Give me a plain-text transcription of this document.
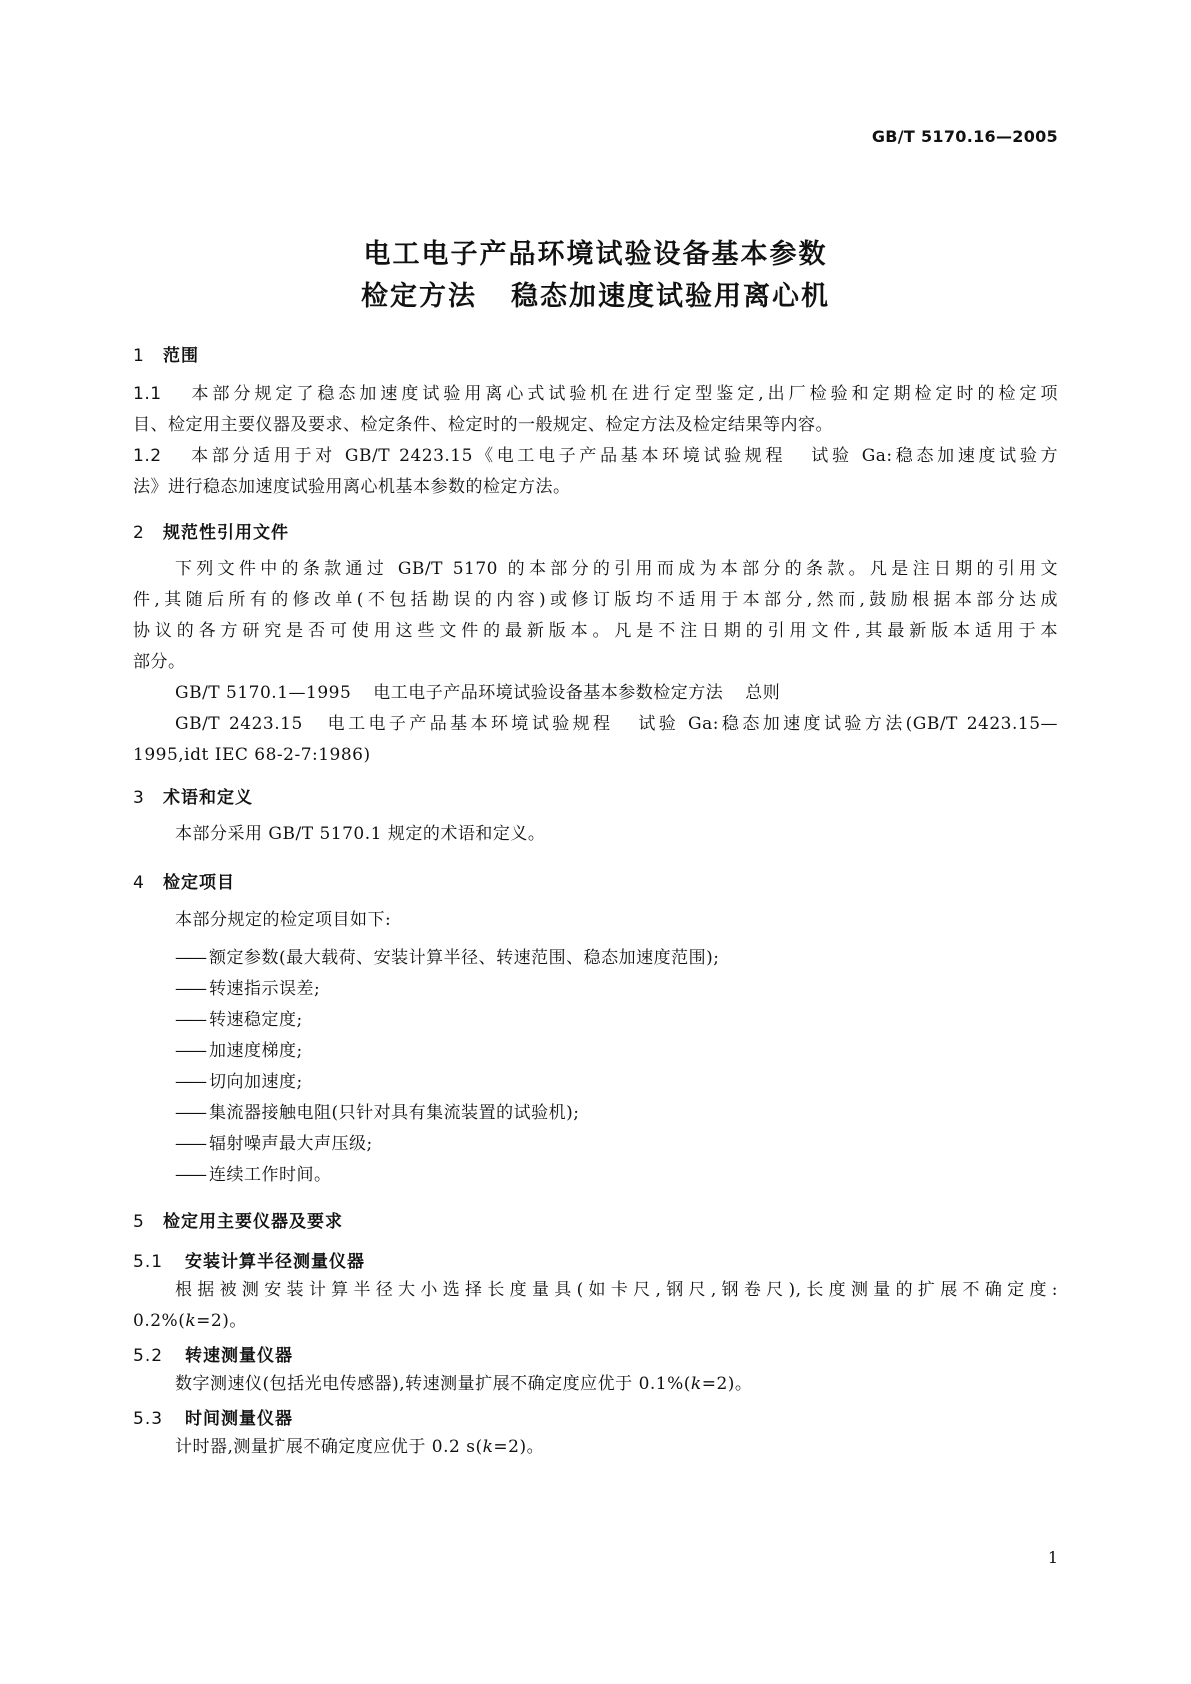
GB/T 5170.16—2005
电工电子产品环境试验设备基本参数
检定方法 稳态加速度试验用离心机
1 范围
1.1 本部分规定了稳态加速度试验用离心式试验机在进行定型鉴定,出厂检验和定期检定时的检定项
目、检定用主要仪器及要求、检定条件、检定时的一般规定、检定方法及检定结果等内容。
1.2 本部分适用于对 GB/T 2423.15《电工电子产品基本环境试验规程 试验 Ga:稳态加速度试验方
法》进行稳态加速度试验用离心机基本参数的检定方法。
2 规范性引用文件
下列文件中的条款通过 GB/T 5170 的本部分的引用而成为本部分的条款。凡是注日期的引用文
件,其随后所有的修改单(不包括勘误的内容)或修订版均不适用于本部分,然而,鼓励根据本部分达成
协议的各方研究是否可使用这些文件的最新版本。凡是不注日期的引用文件,其最新版本适用于本
部分。
GB/T 5170.1—1995 电工电子产品环境试验设备基本参数检定方法 总则
GB/T 2423.15 电工电子产品基本环境试验规程 试验 Ga:稳态加速度试验方法(GB/T 2423.15—
1995,idt IEC 68-2-7:1986)
3 术语和定义
本部分采用 GB/T 5170.1 规定的术语和定义。
4 检定项目
本部分规定的检定项目如下:
—— 额定参数(最大载荷、安装计算半径、转速范围、稳态加速度范围);
—— 转速指示误差;
—— 转速稳定度;
—— 加速度梯度;
—— 切向加速度;
—— 集流器接触电阻(只针对具有集流装置的试验机);
—— 辐射噪声最大声压级;
—— 连续工作时间。
5 检定用主要仪器及要求
5.1 安装计算半径测量仪器
根据被测安装计算半径大小选择长度量具(如卡尺,钢尺,钢卷尺),长度测量的扩展不确定度:
0.2%(k=2)。
5.2 转速测量仪器
数字测速仪(包括光电传感器),转速测量扩展不确定度应优于 0.1%(k=2)。
5.3 时间测量仪器
计时器,测量扩展不确定度应优于 0.2 s(k=2)。
1
